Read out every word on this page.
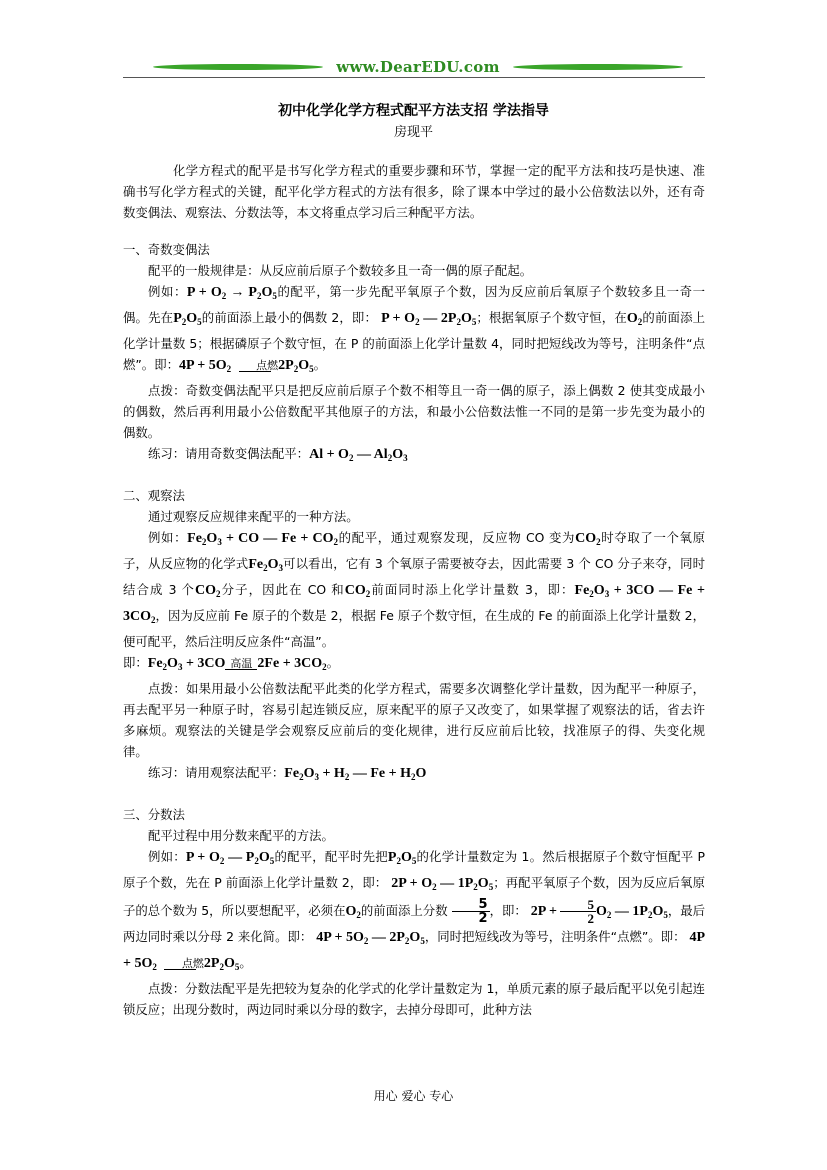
www.DearEDU.com
初中化学化学方程式配平方法支招 学法指导
房现平

化学方程式的配平是书写化学方程式的重要步骤和环节，掌握一定的配平方法和技巧是快速、准确书写化学方程式的关键，配平化学方程式的方法有很多，除了课本中学过的最小公倍数法以外，还有奇数变偶法、观察法、分数法等，本文将重点学习后三种配平方法。

一、奇数变偶法

配平的一般规律是：从反应前后原子个数较多且一奇一偶的原子配起。

例如：$P + O_2 \to P_2O_5$的配平，第一步先配平氧原子个数，因为反应前后氧原子个数较多且一奇一偶。先在$P_2O_5$的前面添上最小的偶数 2，即： $P + O_2$ — $2P_2O_5$；根据氧原子个数守恒，在$O_2$的前面添上化学计量数 5；根据磷原子个数守恒，在 P 的前面添上化学计量数 4，同时把短线改为等号，注明条件“点燃”。即：$4P + 5O_2$	点燃 $2P_2O_5$。

点拨：奇数变偶法配平只是把反应前后原子个数不相等且一奇一偶的原子，添上偶数 2 使其变成最小的偶数，然后再利用最小公倍数配平其他原子的方法，和最小公倍数法惟一不同的是第一步先变为最小的偶数。

练习：请用奇数变偶法配平：$Al + O_2$ — $Al_2O_3$

二、观察法

通过观察反应规律来配平的一种方法。

例如：$Fe_2O_3$ + CO — $Fe + CO_2$的配平，通过观察发现，反应物 CO 变为$CO_2$时夺取了一个氧原子，从反应物的化学式$Fe_2O_3$可以看出，它有 3 个氧原子需要被夺去，因此需要 3 个 CO 分子来夺，同时结合成 3 个$CO_2$分子，因此在 CO 和$CO_2$前面同时添上化学计量数 3，即：$Fe_2O_3 + 3CO$ — $Fe + 3CO_2$，因为反应前 Fe 原子的个数是 2，根据 Fe 原子个数守恒，在生成的 Fe 的前面添上化学计量数 2，便可配平，然后注明反应条件“高温”。

即：$Fe_2O_3 + 3CO$ 高温 $2Fe + 3CO_2$。

点拨：如果用最小公倍数法配平此类的化学方程式，需要多次调整化学计量数，因为配平一种原子，再去配平另一种原子时，容易引起连锁反应，原来配平的原子又改变了，如果掌握了观察法的话，省去许多麻烦。观察法的关键是学会观察反应前后的变化规律，进行反应前后比较，找准原子的得、失变化规律。

练习：请用观察法配平：$Fe_2O_3 + H_2$ — $Fe + H_2O$

三、分数法

配平过程中用分数来配平的方法。

例如：$P + O_2$ — $P_2O_5$的配平，配平时先把$P_2O_5$的化学计量数定为 1。然后根据原子个数守恒配平 P 原子个数，先在 P 前面添上化学计量数 2，即： $2P + O_2$ — $1P_2O_5$；再配平氧原子个数，因为反应后氧原子的总个数为 5，所以要想配平，必须在$O_2$的前面添上分数 $\frac{5}{2}$ ，即： $2P + \frac{5}{2} O_2$ — $1P_2O_5$，最后两边同时乘以分母 2 来化简。即： $4P + 5O_2$ — $2P_2O_5$，同时把短线改为等号，注明条件“点燃”。即： $4P + 5O_2$	点燃 $2P_2O_5$。

点拨：分数法配平是先把较为复杂的化学式的化学计量数定为 1，单质元素的原子最后配平以免引起连锁反应；出现分数时，两边同时乘以分母的数字，去掉分母即可，此种方法

用心 爱心 专心
